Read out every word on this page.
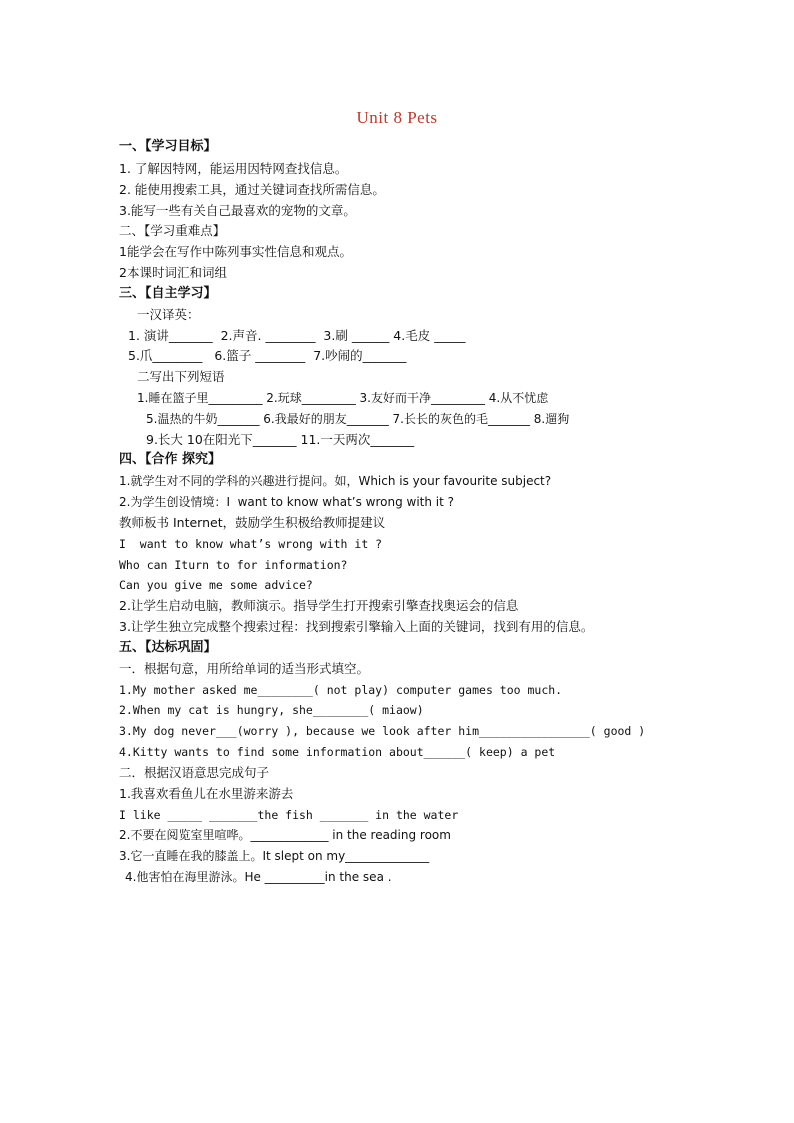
Unit 8 Pets
一、【学习目标】
1. 了解因特网，能运用因特网查找信息。
2. 能使用搜索工具，通过关键词查找所需信息。
3.能写一些有关自己最喜欢的宠物的文章。
二、【学习重难点】
1能学会在写作中陈列事实性信息和观点。
2本课时词汇和词组
三、【自主学习】
一汉译英：
1. 演讲_______  2.声音. ________  3.刷 ______ 4.毛皮 _____
5.爪________   6.篮子 ________  7.吵闹的_______
二写出下列短语
1.睡在篮子里_________ 2.玩球_________ 3.友好而干净_________ 4.从不忧虑
5.温热的牛奶_______ 6.我最好的朋友_______ 7.长长的灰色的毛_______ 8.遛狗
9.长大 10在阳光下_______ 11.一天两次_______
四、【合作 探究】
1.就学生对不同的学科的兴趣进行提问。如，Which is your favourite subject?
2.为学生创设情境：I  want to know what’s wrong with it ?
教师板书 Internet，鼓励学生积极给教师提建议
I  want to know what’s wrong with it ?
Who can Iturn to for information?
Can you give me some advice?
2.让学生启动电脑，教师演示。指导学生打开搜索引擎查找奥运会的信息
3.让学生独立完成整个搜索过程：找到搜索引擎输入上面的关键词，找到有用的信息。
五、【达标巩固】
一．根据句意，用所给单词的适当形式填空。
1.My mother asked me________( not play) computer games too much.
2.When my cat is hungry, she________( miaow)
3.My dog never___(worry ), because we look after him________________( good )
4.Kitty wants to find some information about______( keep) a pet
二．根据汉语意思完成句子
1.我喜欢看鱼儿在水里游来游去
I like _____ _______the fish _______ in the water
2.不要在阅览室里喧哗。_____________ in the reading room
3.它一直睡在我的膝盖上。It slept on my______________
4.他害怕在海里游泳。He __________in the sea .
